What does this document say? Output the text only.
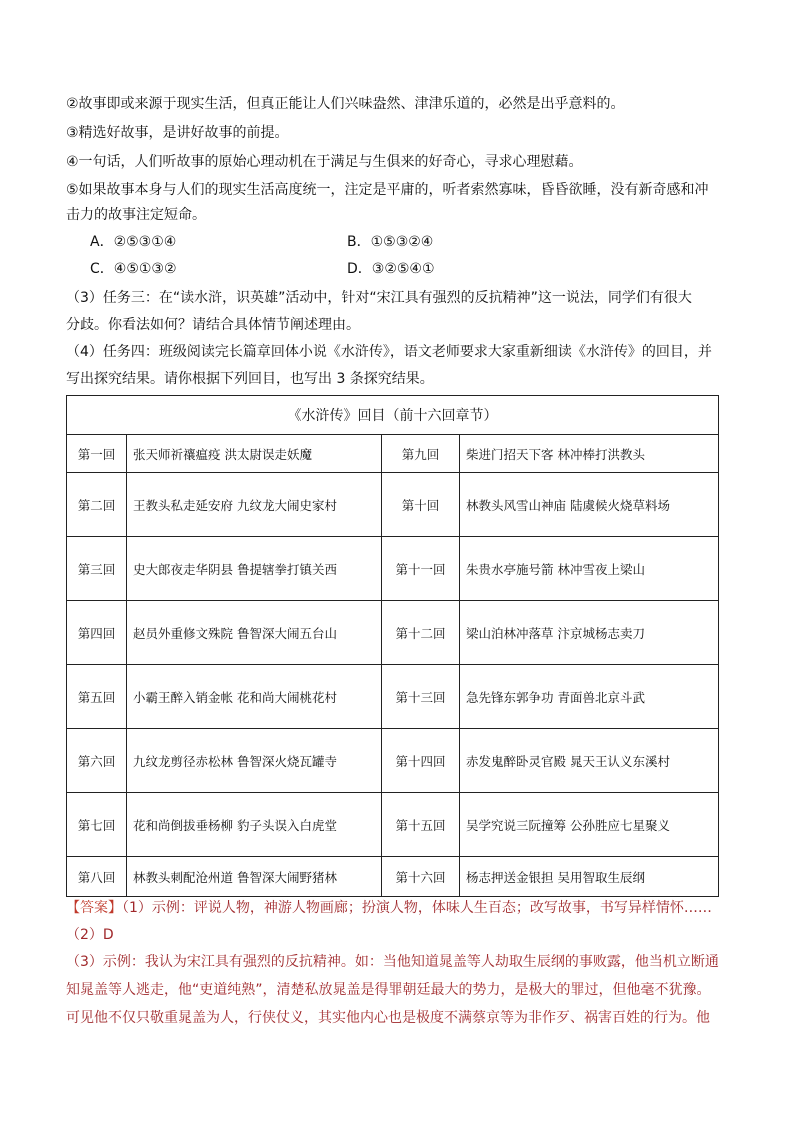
②故事即或来源于现实生活，但真正能让人们兴味盎然、津津乐道的，必然是出乎意料的。
③精选好故事，是讲好故事的前提。
④一句话，人们听故事的原始心理动机在于满足与生俱来的好奇心，寻求心理慰藉。
⑤如果故事本身与人们的现实生活高度统一，注定是平庸的，听者索然寡味，昏昏欲睡，没有新奇感和冲
击力的故事注定短命。
A．②⑤③①④	B．①⑤③②④
C．④⑤①③②	D．③②⑤④①
（3）任务三：在“读水浒，识英雄”活动中，针对“宋江具有强烈的反抗精神”这一说法，同学们有很大
分歧。你看法如何？请结合具体情节阐述理由。
（4）任务四：班级阅读完长篇章回体小说《水浒传》，语文老师要求大家重新细读《水浒传》的回目，并
写出探究结果。请你根据下列回目，也写出 3 条探究结果。
《水浒传》回目（前十六回章节）			
第一回	张天师祈禳瘟疫 洪太尉误走妖魔	第九回	柴进门招天下客 林冲棒打洪教头
第二回	王教头私走延安府 九纹龙大闹史家村	第十回	林教头风雪山神庙 陆虞候火烧草料场
第三回	史大郎夜走华阴县 鲁提辖拳打镇关西	第十一回	朱贵水亭施号箭 林冲雪夜上梁山
第四回	赵员外重修文殊院 鲁智深大闹五台山	第十二回	梁山泊林冲落草 汴京城杨志卖刀
第五回	小霸王醉入销金帐 花和尚大闹桃花村	第十三回	急先锋东郭争功 青面兽北京斗武
第六回	九纹龙剪径赤松林 鲁智深火烧瓦罐寺	第十四回	赤发鬼醉卧灵官殿 晁天王认义东溪村
第七回	花和尚倒拔垂杨柳 豹子头误入白虎堂	第十五回	吴学究说三阮撞筹 公孙胜应七星聚义
第八回	林教头刺配沧州道 鲁智深大闹野猪林	第十六回	杨志押送金银担 吴用智取生辰纲
【答案】（1）示例：评说人物，神游人物画廊；扮演人物，体味人生百态；改写故事，书写异样情怀……
（2）D
（3）示例：我认为宋江具有强烈的反抗精神。如：当他知道晁盖等人劫取生辰纲的事败露，他当机立断通
知晁盖等人逃走，他“吏道纯熟”，清楚私放晁盖是得罪朝廷最大的势力，是极大的罪过，但他毫不犹豫。
可见他不仅只敬重晁盖为人，行侠仗义，其实他内心也是极度不满蔡京等为非作歹、祸害百姓的行为。他
